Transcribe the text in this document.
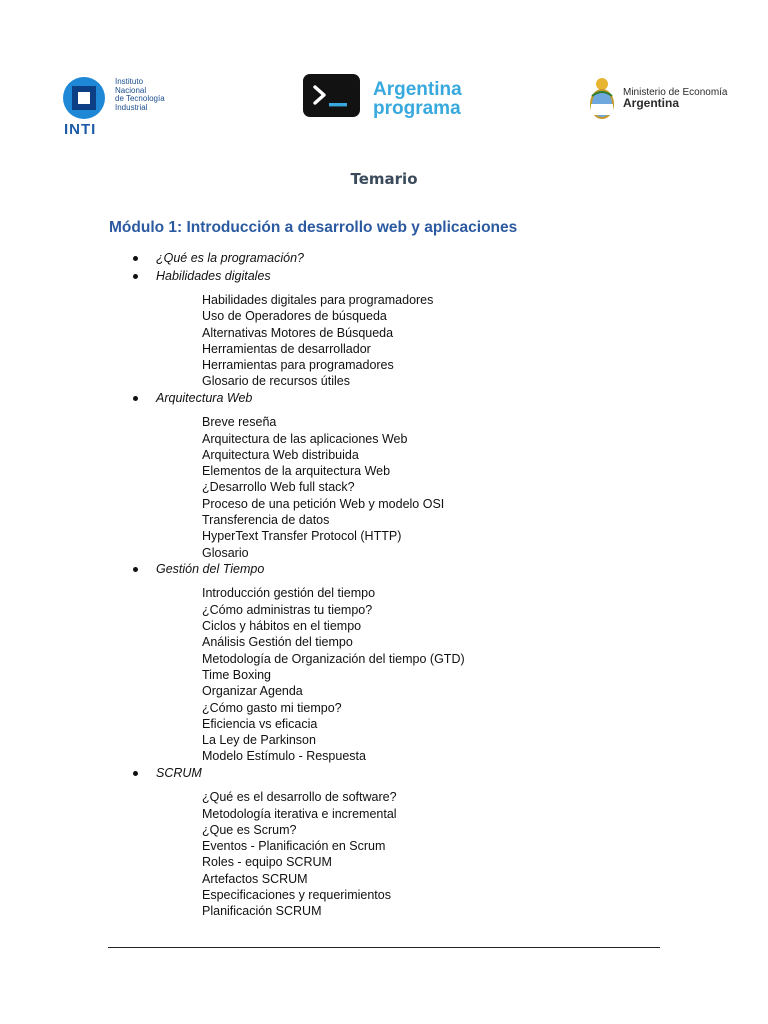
INTI
Instituto
Nacional
de Tecnología
Industrial
Argentina
programa
Ministerio de Economía
Argentina
Temario
Módulo 1: Introducción a desarrollo web y aplicaciones
¿Qué es la programación?
Habilidades digitales
Habilidades digitales para programadores
Uso de Operadores de búsqueda
Alternativas Motores de Búsqueda
Herramientas de desarrollador
Herramientas para programadores
Glosario de recursos útiles
Arquitectura Web
Breve reseña
Arquitectura de las aplicaciones Web
Arquitectura Web distribuida
Elementos de la arquitectura Web
¿Desarrollo Web full stack?
Proceso de una petición Web y modelo OSI
Transferencia de datos
HyperText Transfer Protocol (HTTP)
Glosario
Gestión del Tiempo
Introducción gestión del tiempo
¿Cómo administras tu tiempo?
Ciclos y hábitos en el tiempo
Análisis Gestión del tiempo
Metodología de Organización del tiempo (GTD)
Time Boxing
Organizar Agenda
¿Cómo gasto mi tiempo?
Eficiencia vs eficacia
La Ley de Parkinson
Modelo Estímulo - Respuesta
SCRUM
¿Qué es el desarrollo de software?
Metodología iterativa e incremental
¿Que es Scrum?
Eventos - Planificación en Scrum
Roles - equipo SCRUM
Artefactos SCRUM
Especificaciones y requerimientos
Planificación SCRUM
